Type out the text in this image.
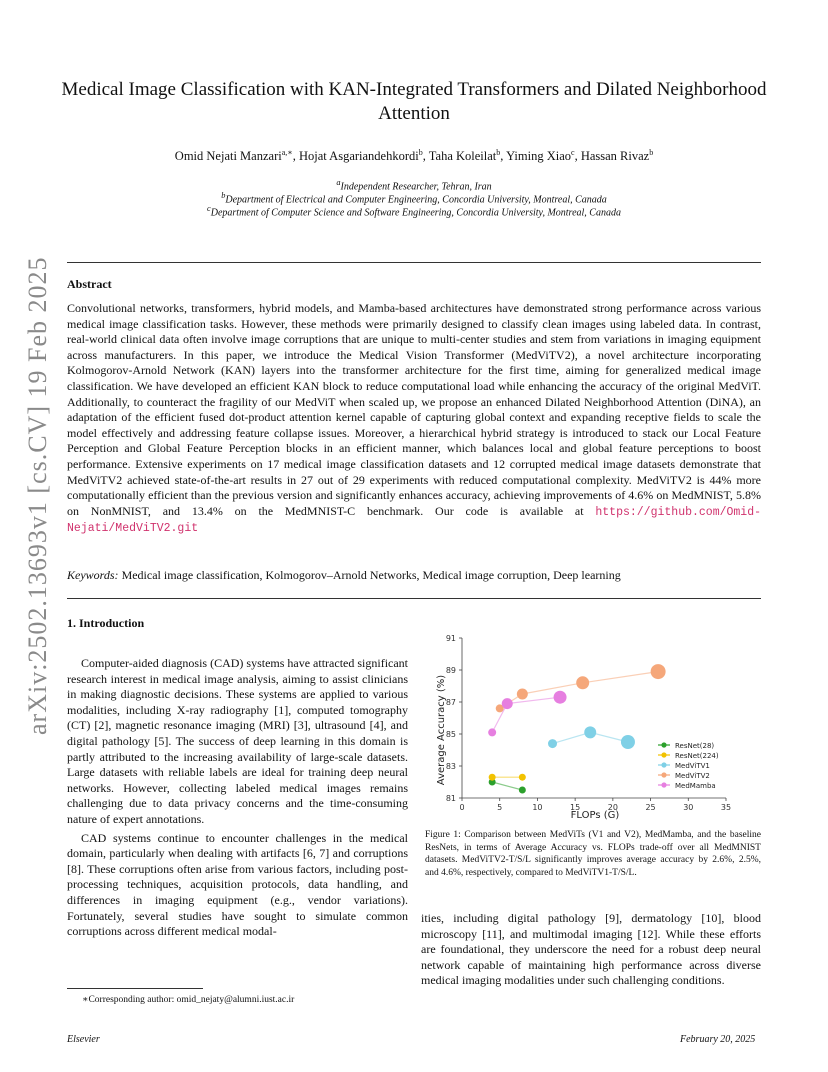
Medical Image Classification with KAN-Integrated Transformers and Dilated Neighborhood Attention
Omid Nejati Manzari$^{a,∗}$, Hojat Asgariandehkordi$^b$, Taha Koleilat$^b$, Yiming Xiao$^c$, Hassan Rivaz$^b$
$^a$Independent Researcher, Tehran, Iran
$^b$Department of Electrical and Computer Engineering, Concordia University, Montreal, Canada
$^c$Department of Computer Science and Software Engineering, Concordia University, Montreal, Canada
arXiv:2502.13693v1 [cs.CV] 19 Feb 2025 Abstract
Convolutional networks, transformers, hybrid models, and Mamba-based architectures have demonstrated strong performance across various medical image classification tasks. However, these methods were primarily designed to classify clean images using labeled data. In contrast, real-world clinical data often involve image corruptions that are unique to multi-center studies and stem from variations in imaging equipment across manufacturers. In this paper, we introduce the Medical Vision Transformer (MedViTV2), a novel architecture incorporating Kolmogorov-Arnold Network (KAN) layers into the transformer architecture for the first time, aiming for generalized medical image classification. We have developed an efficient KAN block to reduce computational load while enhancing the accuracy of the original MedViT. Additionally, to counteract the fragility of our MedViT when scaled up, we propose an enhanced Dilated Neighborhood Attention (DiNA), an adaptation of the efficient fused dot-product attention kernel capable of capturing global context and expanding receptive fields to scale the model effectively and addressing feature collapse issues. Moreover, a hierarchical hybrid strategy is introduced to stack our Local Feature Perception and Global Feature Perception blocks in an efficient manner, which balances local and global feature perceptions to boost performance. Extensive experiments on 17 medical image classification datasets and 12 corrupted medical image datasets demonstrate that MedViTV2 achieved state-of-the-art results in 27 out of 29 experiments with reduced computational complexity. MedViTV2 is 44% more computationally efficient than the previous version and significantly enhances accuracy, achieving improvements of 4.6% on MedMNIST, 5.8% on NonMNIST, and 13.4% on the MedMNIST-C benchmark. Our code is available at https://github.com/Omid-Nejati/MedViTV2.git
Keywords: Medical image classification, Kolmogorov–Arnold Networks, Medical image corruption, Deep learning
1. Introduction

Computer-aided diagnosis (CAD) systems have attracted significant research interest in medical image analysis, aiming to assist clinicians in making diagnostic decisions. These systems are applied to various modalities, including X-ray radiography [1], computed tomography (CT) [2], magnetic resonance imaging (MRI) [3], ultrasound [4], and digital pathology [5]. The success of deep learning in this domain is partly attributed to the increasing availability of large-scale datasets. Large datasets with reliable labels are ideal for training deep neural networks. However, collecting labeled medical images remains challenging due to data privacy concerns and the time-consuming nature of expert annotations.

CAD systems continue to encounter challenges in the medical domain, particularly when dealing with artifacts [6, 7] and corruptions [8]. These corruptions often arise from various factors, including post-processing techniques, acquisition protocols, data handling, and differences in imaging equipment (e.g., vendor variations). Fortunately, several studies have sought to simulate common corruptions across different medical modal-

ities, including digital pathology [9], dermatology [10], blood microscopy [11], and multimodal imaging [12]. While these efforts are foundational, they underscore the need for a robust deep neural network capable of maintaining high performance across diverse medical imaging modalities under such challenging conditions.

Average Accuracy (%)
FLOPs (G)
0	5	10	15	20	25	30	35
81
83
85
87
89
91
ResNet(28)
ResNet(224)
MedViTV1
MedViTV2
MedMamba
Figure 1: Comparison between MedViTs (V1 and V2), MedMamba, and the baseline ResNets, in terms of Average Accuracy vs. FLOPs trade-off over all MedMNIST datasets. MedViTV2-T/S/L significantly improves average accuracy by 2.6%, 2.5%, and 4.6%, respectively, compared to MedViTV1-T/S/L.
∗Corresponding author: omid_nejaty@alumni.iust.ac.ir
Elsevier	February 20, 2025
